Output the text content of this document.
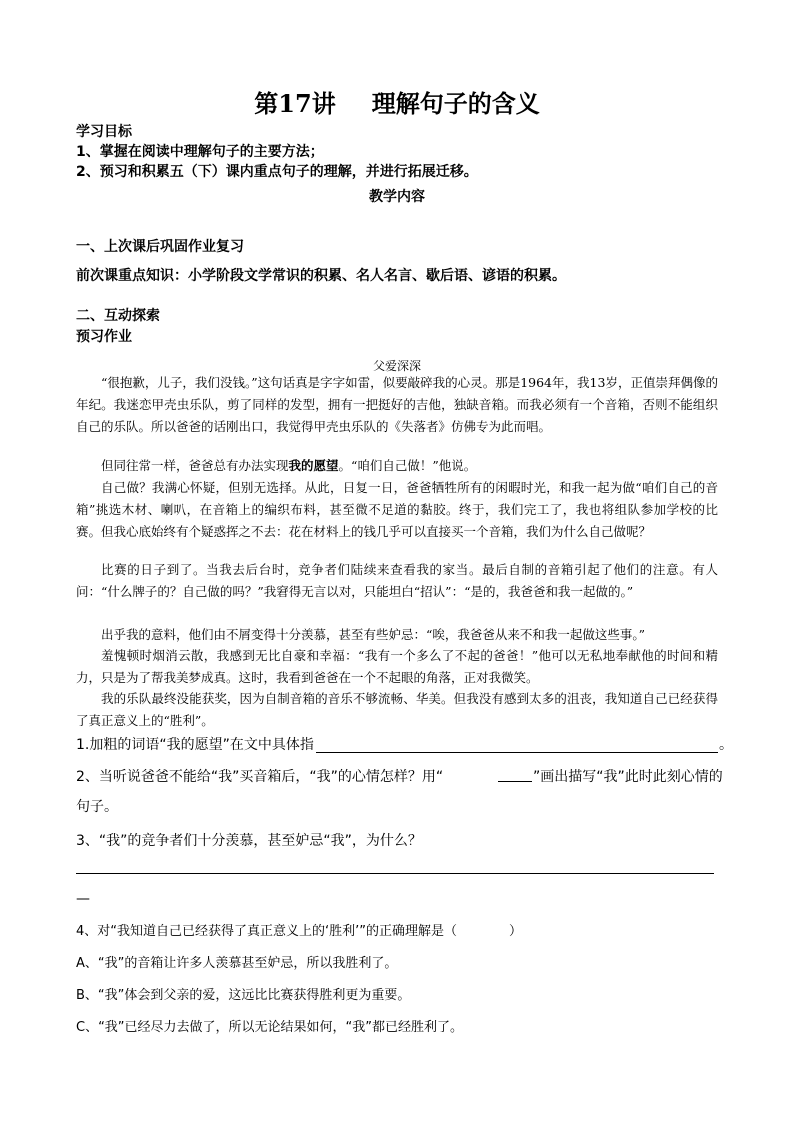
第17讲 理解句子的含义
学习目标
1、掌握在阅读中理解句子的主要方法；
2、预习和积累五（下）课内重点句子的理解，并进行拓展迁移。
教学内容
一、上次课后巩固作业复习
前次课重点知识：小学阶段文学常识的积累、名人名言、歇后语、谚语的积累。
二、互动探索
预习作业
父爱深深
“很抱歉，儿子，我们没钱。”这句话真是字字如雷，似要敲碎我的心灵。那是1964年，我13岁，正值崇拜偶像的年纪。我迷恋甲壳虫乐队，剪了同样的发型，拥有一把挺好的吉他，独缺音箱。而我必须有一个音箱，否则不能组织自己的乐队。所以爸爸的话刚出口，我觉得甲壳虫乐队的《失落者》仿佛专为此而唱。
但同往常一样，爸爸总有办法实现我的愿望。“咱们自己做！”他说。
自己做？我满心怀疑，但别无选择。从此，日复一日，爸爸牺牲所有的闲暇时光，和我一起为做“咱们自己的音箱”挑选木材、喇叭，在音箱上的编织布料，甚至微不足道的黏胶。终于，我们完工了，我也将组队参加学校的比赛。但我心底始终有个疑惑挥之不去：花在材料上的钱几乎可以直接买一个音箱，我们为什么自己做呢？
比赛的日子到了。当我去后台时，竞争者们陆续来查看我的家当。最后自制的音箱引起了他们的注意。有人问：“什么牌子的？自己做的吗？”我窘得无言以对，只能坦白“招认”：“是的，我爸爸和我一起做的。”
出乎我的意料，他们由不屑变得十分羡慕，甚至有些妒忌：“唉，我爸爸从来不和我一起做这些事。”
羞愧顿时烟消云散，我感到无比自豪和幸福：“我有一个多么了不起的爸爸！”他可以无私地奉献他的时间和精力，只是为了帮我美梦成真。这时，我看到爸爸在一个不起眼的角落，正对我微笑。
我的乐队最终没能获奖，因为自制音箱的音乐不够流畅、华美。但我没有感到太多的沮丧，我知道自己已经获得了真正意义上的“胜利”。
1.加粗的词语“我的愿望”在文中具体指	。
2、当听说爸爸不能给“我”买音箱后，“我”的心情怎样？用“	”画出描写“我”此时此刻心情的
句子。
3、“我”的竞争者们十分羡慕，甚至妒忌“我”，为什么？
—
4、对“我知道自己已经获得了真正意义上的‘胜利’”的正确理解是（　　　　）
A、“我”的音箱让许多人羡慕甚至妒忌，所以我胜利了。
B、“我”体会到父亲的爱，这远比比赛获得胜利更为重要。
C、“我”已经尽力去做了，所以无论结果如何，“我”都已经胜利了。
